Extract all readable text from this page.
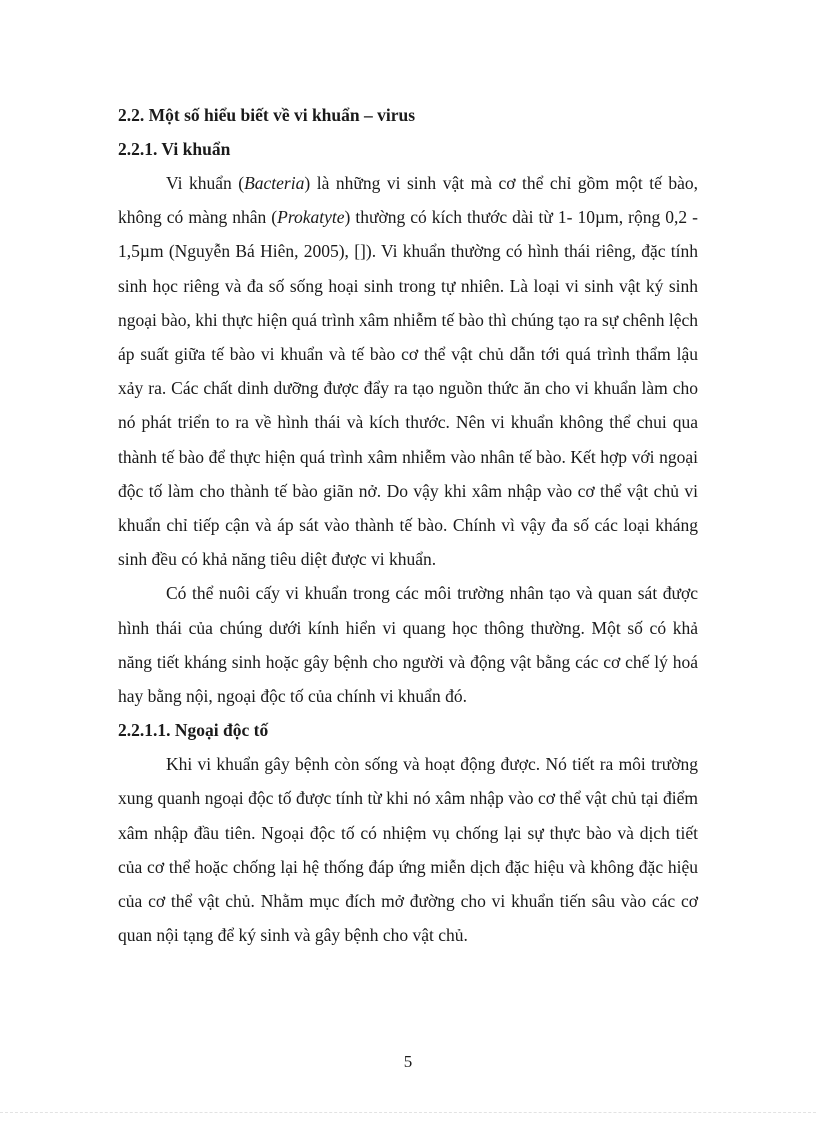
2.2. Một số hiểu biết về vi khuẩn – virus
2.2.1. Vi khuẩn

Vi khuẩn (Bacteria) là những vi sinh vật mà cơ thể chỉ gồm một tế bào, không có màng nhân (Prokatyte) thường có kích thước dài từ 1- 10µm, rộng 0,2 - 1,5µm (Nguyễn Bá Hiên, 2005), []). Vi khuẩn thường có hình thái riêng, đặc tính sinh học riêng và đa số sống hoại sinh trong tự nhiên. Là loại vi sinh vật ký sinh ngoại bào, khi thực hiện quá trình xâm nhiễm tế bào thì chúng tạo ra sự chênh lệch áp suất giữa tế bào vi khuẩn và tế bào cơ thể vật chủ dẫn tới quá trình thẩm lậu xảy ra. Các chất dinh dưỡng được đẩy ra tạo nguồn thức ăn cho vi khuẩn làm cho nó phát triển to ra về hình thái và kích thước. Nên vi khuẩn không thể chui qua thành tế bào để thực hiện quá trình xâm nhiễm vào nhân tế bào. Kết hợp với ngoại độc tố làm cho thành tế bào giãn nở. Do vậy khi xâm nhập vào cơ thể vật chủ vi khuẩn chỉ tiếp cận và áp sát vào thành tế bào. Chính vì vậy đa số các loại kháng sinh đều có khả năng tiêu diệt được vi khuẩn.

Có thể nuôi cấy vi khuẩn trong các môi trường nhân tạo và quan sát được hình thái của chúng dưới kính hiển vi quang học thông thường. Một số có khả năng tiết kháng sinh hoặc gây bệnh cho người và động vật bằng các cơ chế lý hoá hay bằng nội, ngoại độc tố của chính vi khuẩn đó.

2.2.1.1. Ngoại độc tố

Khi vi khuẩn gây bệnh còn sống và hoạt động được. Nó tiết ra môi trường xung quanh ngoại độc tố được tính từ khi nó xâm nhập vào cơ thể vật chủ tại điểm xâm nhập đầu tiên. Ngoại độc tố có nhiệm vụ chống lại sự thực bào và dịch tiết của cơ thể hoặc chống lại hệ thống đáp ứng miễn dịch đặc hiệu và không đặc hiệu của cơ thể vật chủ. Nhằm mục đích mở đường cho vi khuẩn tiến sâu vào các cơ quan nội tạng để ký sinh và gây bệnh cho vật chủ.

5
